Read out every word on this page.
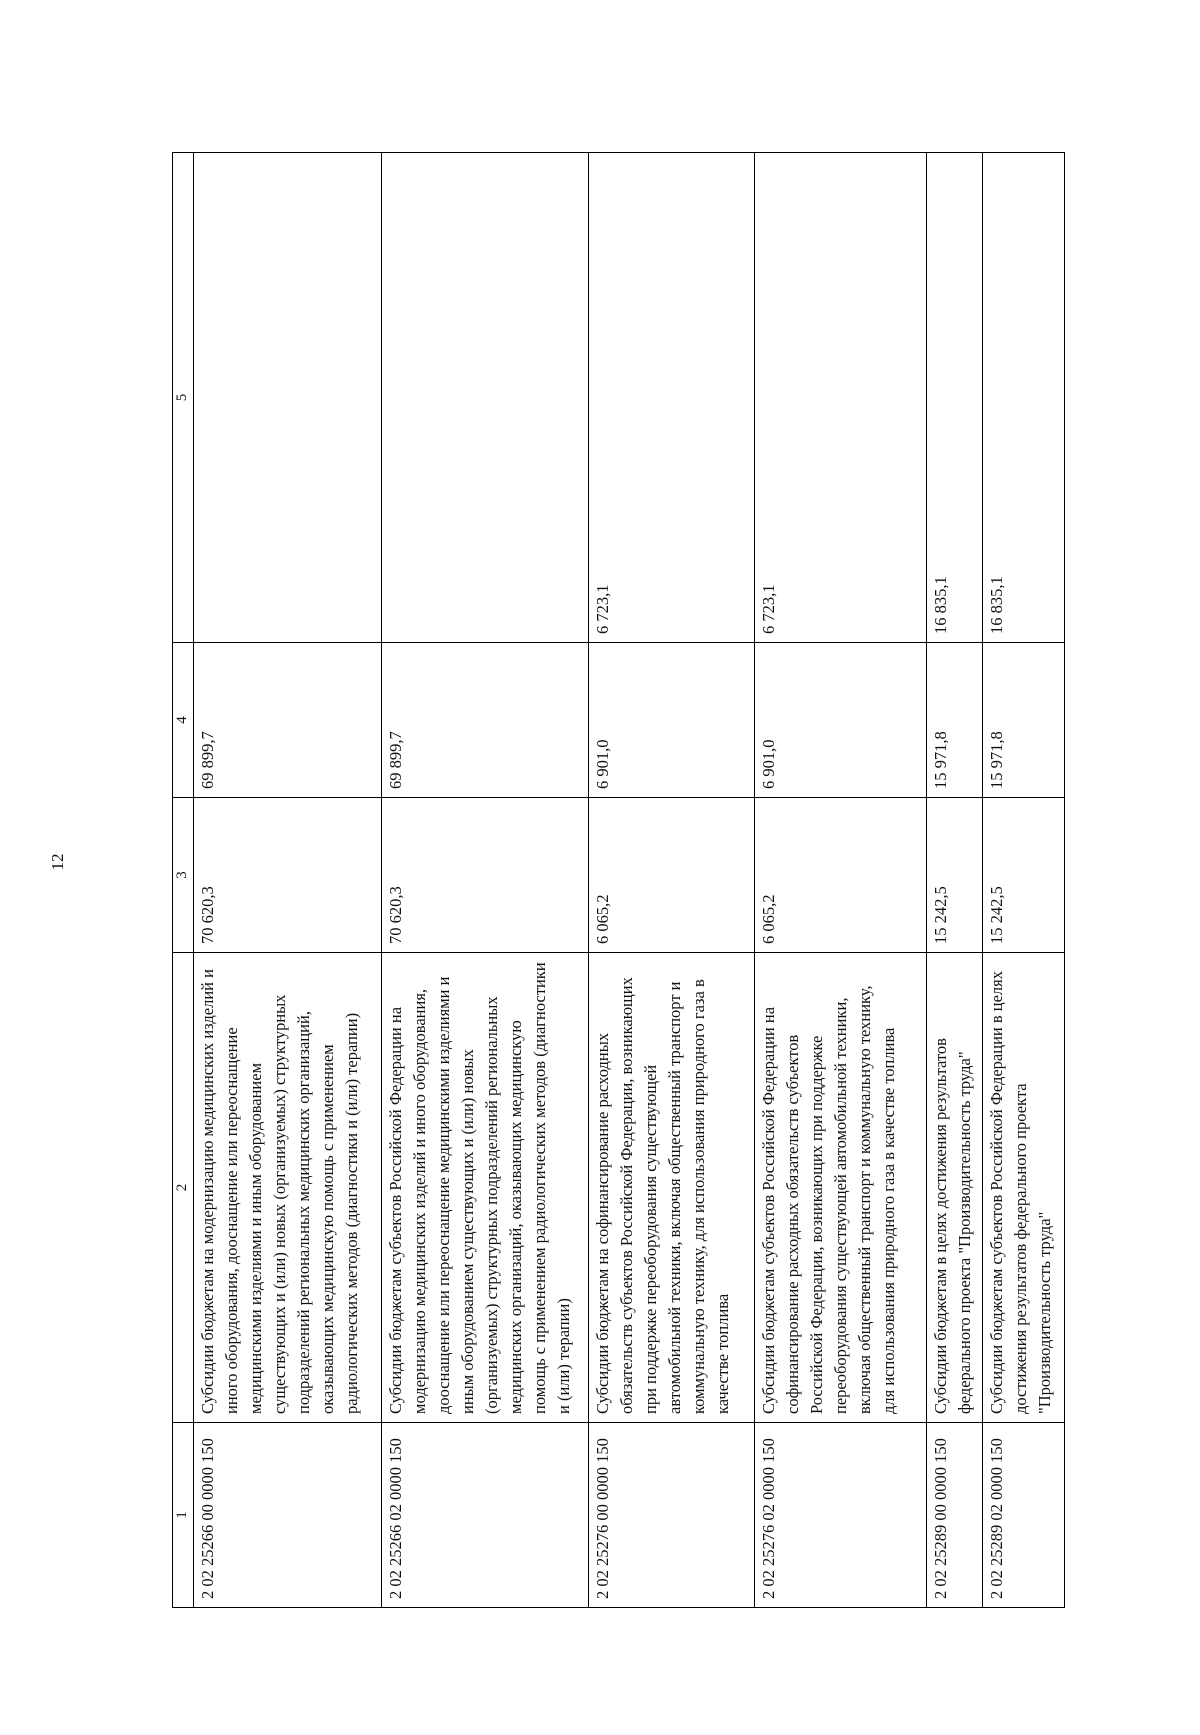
12
1	2	3	4	5
2 02 25266 00 0000 150	Субсидии бюджетам на модернизацию медицинских изделий и иного оборудования, дооснащение или переоснащение медицинскими изделиями и иным оборудованием существующих и (или) новых (организуемых) структурных подразделений региональных медицинских организаций, оказывающих медицинскую помощь с применением радиологических методов (диагностики и (или) терапии)	70 620,3	69 899,7	
2 02 25266 02 0000 150	Субсидии бюджетам субъектов Российской Федерации на модернизацию медицинских изделий и иного оборудования, дооснащение или переоснащение медицинскими изделиями и иным оборудованием существующих и (или) новых (организуемых) структурных подразделений региональных медицинских организаций, оказывающих медицинскую помощь с применением радиологических методов (диагностики и (или) терапии)	70 620,3	69 899,7	
2 02 25276 00 0000 150	Субсидии бюджетам на софинансирование расходных обязательств субъектов Российской Федерации, возникающих при поддержке переоборудования существующей автомобильной техники, включая общественный транспорт и коммунальную технику, для использования природного газа в качестве топлива	6 065,2	6 901,0	6 723,1
2 02 25276 02 0000 150	Субсидии бюджетам субъектов Российской Федерации на софинансирование расходных обязательств субъектов Российской Федерации, возникающих при поддержке переоборудования существующей автомобильной техники, включая общественный транспорт и коммунальную технику, для использования природного газа в качестве топлива	6 065,2	6 901,0	6 723,1
2 02 25289 00 0000 150	Субсидии бюджетам в целях достижения результатов федерального проекта "Производительность труда"	15 242,5	15 971,8	16 835,1
2 02 25289 02 0000 150	Субсидии бюджетам субъектов Российской Федерации в целях достижения результатов федерального проекта "Производительность труда"	15 242,5	15 971,8	16 835,1
